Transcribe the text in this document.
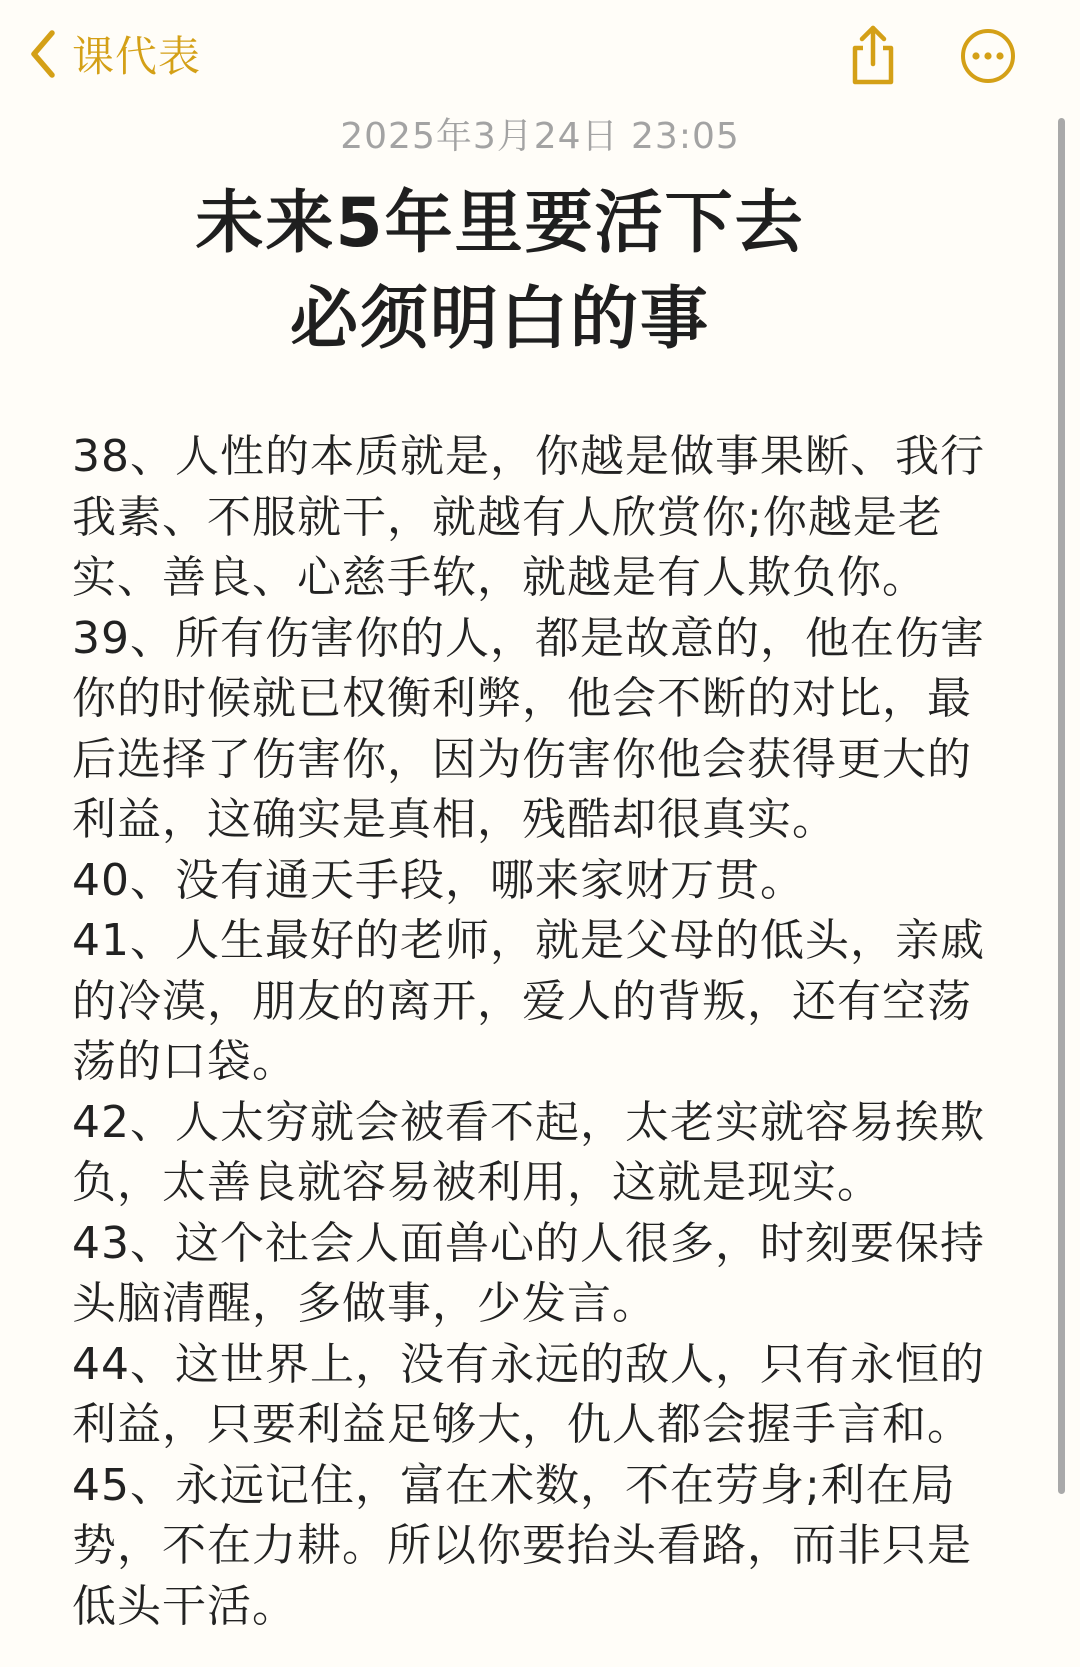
课代表
2025年3月24日 23:05
未来5年里要活下去
必须明白的事

38、人性的本质就是，你越是做事果断、我行我素、不服就干，就越有人欣赏你;你越是老实、善良、心慈手软，就越是有人欺负你。

39、所有伤害你的人，都是故意的，他在伤害你的时候就已权衡利弊，他会不断的对比，最后选择了伤害你，因为伤害你他会获得更大的利益，这确实是真相，残酷却很真实。

40、没有通天手段，哪来家财万贯。

41、人生最好的老师，就是父母的低头，亲戚的冷漠，朋友的离开，爱人的背叛，还有空荡荡的口袋。

42、人太穷就会被看不起，太老实就容易挨欺负，太善良就容易被利用，这就是现实。

43、这个社会人面兽心的人很多，时刻要保持头脑清醒，多做事，少发言。

44、这世界上，没有永远的敌人，只有永恒的利益，只要利益足够大，仇人都会握手言和。

45、永远记住，富在术数，不在劳身;利在局势，不在力耕。所以你要抬头看路，而非只是低头干活。
